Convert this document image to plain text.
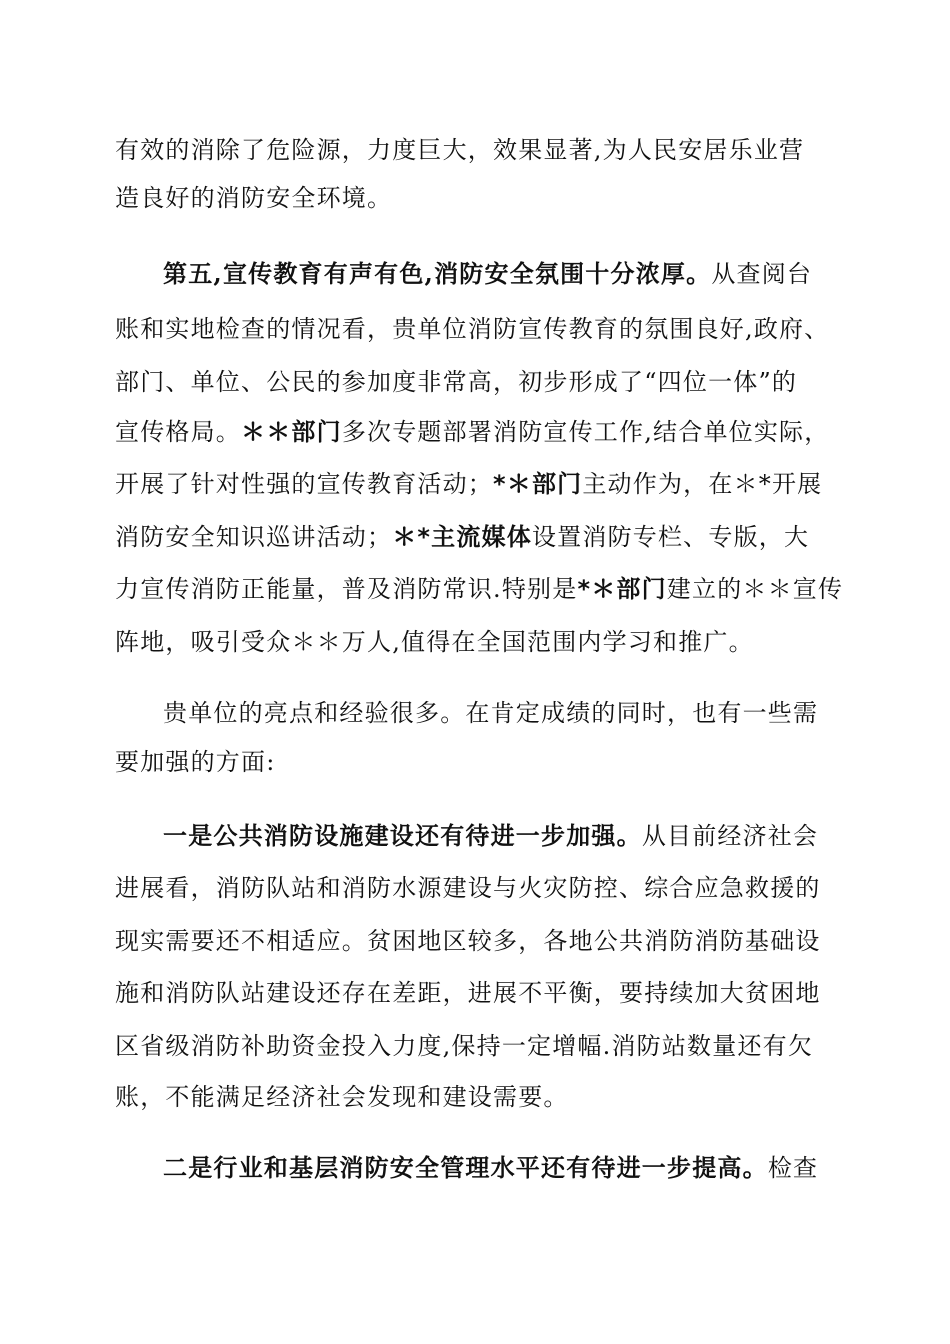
有效的消除了危险源，力度巨大，效果显著,为人民安居乐业营
造良好的消防安全环境。
第五,宣传教育有声有色,消防安全氛围十分浓厚。从查阅台
账和实地检查的情况看，贵单位消防宣传教育的氛围良好,政府、
部门、单位、公民的参加度非常高，初步形成了“四位一体”的
宣传格局。＊＊部门多次专题部署消防宣传工作,结合单位实际，
开展了针对性强的宣传教育活动；*＊部门主动作为，在＊*开展
消防安全知识巡讲活动；＊*主流媒体设置消防专栏、专版，大
力宣传消防正能量，普及消防常识.特别是*＊部门建立的＊＊宣传
阵地，吸引受众＊＊万人,值得在全国范围内学习和推广。
贵单位的亮点和经验很多。在肯定成绩的同时，也有一些需
要加强的方面:
一是公共消防设施建设还有待进一步加强。从目前经济社会
进展看，消防队站和消防水源建设与火灾防控、综合应急救援的
现实需要还不相适应。贫困地区较多，各地公共消防消防基础设
施和消防队站建设还存在差距，进展不平衡，要持续加大贫困地
区省级消防补助资金投入力度,保持一定增幅.消防站数量还有欠
账，不能满足经济社会发现和建设需要。
二是行业和基层消防安全管理水平还有待进一步提高。检查
